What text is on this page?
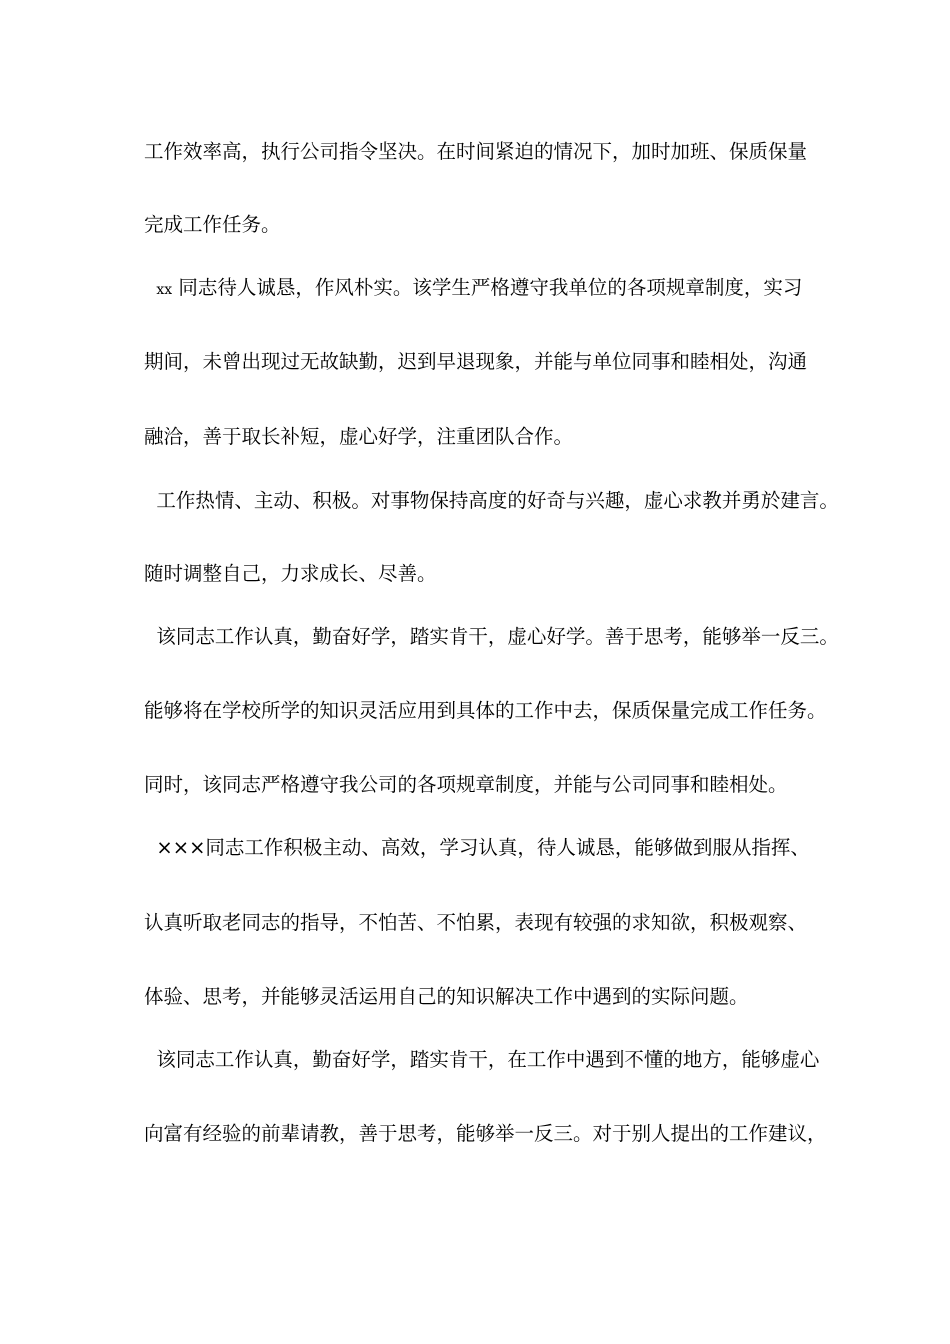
工作效率高，执行公司指令坚决。在时间紧迫的情况下，加时加班、保质保量
完成工作任务。
xx 同志待人诚恳，作风朴实。该学生严格遵守我单位的各项规章制度，实习
期间，未曾出现过无故缺勤，迟到早退现象，并能与单位同事和睦相处，沟通
融洽，善于取长补短，虚心好学，注重团队合作。
工作热情、主动、积极。对事物保持高度的好奇与兴趣，虚心求教并勇於建言。
随时调整自己，力求成长、尽善。
该同志工作认真，勤奋好学，踏实肯干，虚心好学。善于思考，能够举一反三。
能够将在学校所学的知识灵活应用到具体的工作中去，保质保量完成工作任务。
同时，该同志严格遵守我公司的各项规章制度，并能与公司同事和睦相处。
×××同志工作积极主动、高效，学习认真，待人诚恳，能够做到服从指挥、
认真听取老同志的指导，不怕苦、不怕累，表现有较强的求知欲，积极观察、
体验、思考，并能够灵活运用自己的知识解决工作中遇到的实际问题。
该同志工作认真，勤奋好学，踏实肯干，在工作中遇到不懂的地方，能够虚心
向富有经验的前辈请教，善于思考，能够举一反三。对于别人提出的工作建议，
